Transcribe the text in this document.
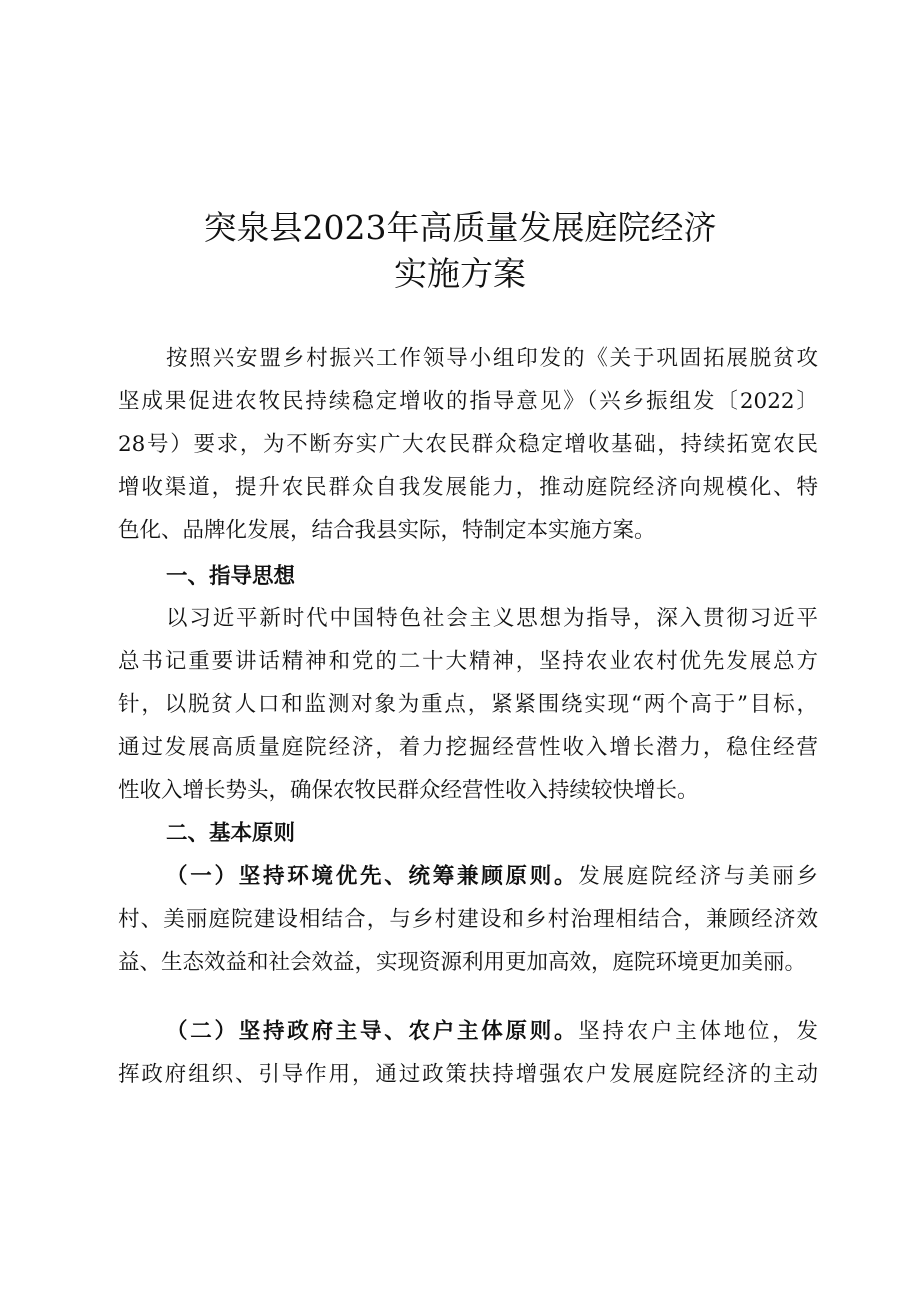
突泉县2023年高质量发展庭院经济
实施方案
按照兴安盟乡村振兴工作领导小组印发的《关于巩固拓展脱贫攻
坚成果促进农牧民持续稳定增收的指导意见》（兴乡振组发〔2022〕
28号）要求，为不断夯实广大农民群众稳定增收基础，持续拓宽农民
增收渠道，提升农民群众自我发展能力，推动庭院经济向规模化、特
色化、品牌化发展，结合我县实际，特制定本实施方案。
一、指导思想
以习近平新时代中国特色社会主义思想为指导，深入贯彻习近平
总书记重要讲话精神和党的二十大精神，坚持农业农村优先发展总方
针，以脱贫人口和监测对象为重点，紧紧围绕实现“两个高于”目标，
通过发展高质量庭院经济，着力挖掘经营性收入增长潜力，稳住经营
性收入增长势头，确保农牧民群众经营性收入持续较快增长。
二、基本原则
（一）坚持环境优先、统筹兼顾原则。发展庭院经济与美丽乡
村、美丽庭院建设相结合，与乡村建设和乡村治理相结合，兼顾经济效
益、生态效益和社会效益，实现资源利用更加高效，庭院环境更加美丽。
（二）坚持政府主导、农户主体原则。坚持农户主体地位，发
挥政府组织、引导作用，通过政策扶持增强农户发展庭院经济的主动
